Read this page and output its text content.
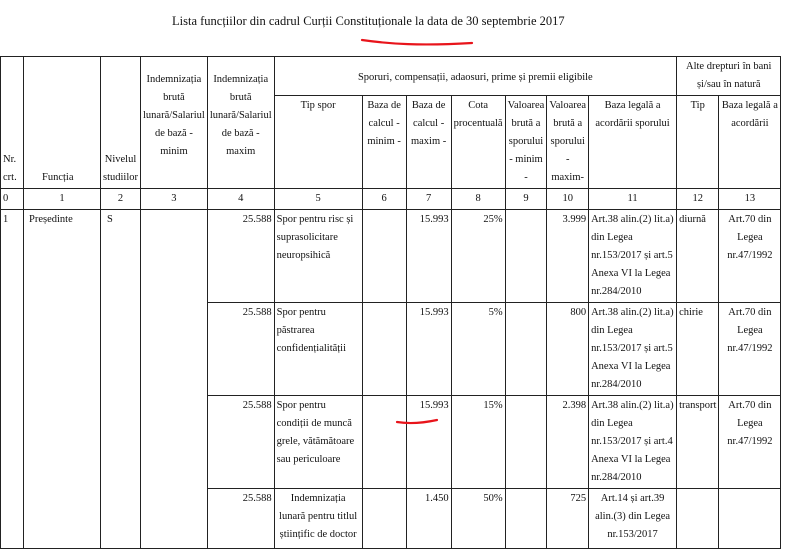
Lista funcțiilor din cadrul Curții Constituționale la data de 30 septembrie 2017
Nr. crt.	Funcția	Nivelul studiilor	Indemnizația brută lunară/Salariul de bază - minim	Indemnizația brută lunară/Salariul de bază - maxim	Sporuri, compensații, adaosuri, prime și premii eligibile							Alte drepturi în bani și/sau în natură	

					Tip spor	Baza de calcul - minim -	Baza de calcul - maxim -	Cota procentuală	Valoarea brută a sporului - minim -	Valoarea brută a sporului - maxim-	Baza legală a acordării sporului	Tip	Baza legală a acordării
0	1	2	3	4	5	6	7	8	9	10	11	12	13
1	Președinte	S		25.588	Spor pentru risc și suprasolicitare neuropsihică		15.993	25%		3.999	Art.38 alin.(2) lit.a) din Legea nr.153/2017 și art.5 Anexa VI la Legea nr.284/2010	diurnă	Art.70 din Legea nr.47/1992
				25.588	Spor pentru păstrarea confidențialității		15.993	5%		800	Art.38 alin.(2) lit.a) din Legea nr.153/2017 și art.5 Anexa VI la Legea nr.284/2010	chirie	Art.70 din Legea nr.47/1992
				25.588	Spor pentru condiții de muncă grele, vătămătoare sau periculoare		15.993	15%		2.398	Art.38 alin.(2) lit.a) din Legea nr.153/2017 și art.4 Anexa VI la Legea nr.284/2010	transport	Art.70 din Legea nr.47/1992
				25.588	Indemnizația lunară pentru titlul științific de doctor		1.450	50%		725	Art.14 și art.39 alin.(3) din Legea nr.153/2017		
